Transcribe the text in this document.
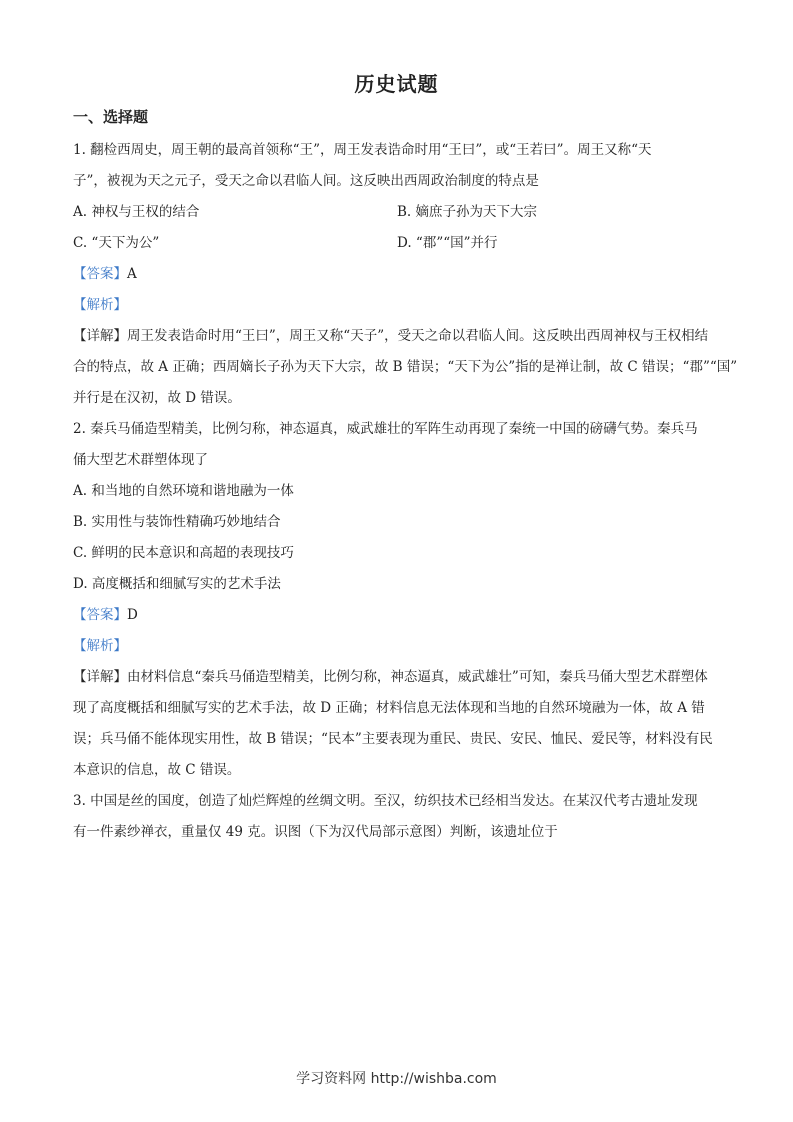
历史试题
一、选择题
1. 翻检西周史，周王朝的最高首领称“王”，周王发表诰命时用“王曰”，或“王若曰”。周王又称“天
子”，被视为天之元子，受天之命以君临人间。这反映出西周政治制度的特点是
A. 神权与王权的结合	B. 嫡庶子孙为天下大宗
C. “天下为公”	D. “郡”“国”并行
【答案】A
【解析】
【详解】周王发表诰命时用“王曰”，周王又称“天子”，受天之命以君临人间。这反映出西周神权与王权相结
合的特点，故 A 正确；西周嫡长子孙为天下大宗，故 B 错误；“天下为公”指的是禅让制，故 C 错误；“郡”“国”
并行是在汉初，故 D 错误。
2. 秦兵马俑造型精美，比例匀称，神态逼真，威武雄壮的军阵生动再现了秦统一中国的磅礴气势。秦兵马
俑大型艺术群塑体现了
A. 和当地的自然环境和谐地融为一体
B. 实用性与装饰性精确巧妙地结合
C. 鲜明的民本意识和高超的表现技巧
D. 高度概括和细腻写实的艺术手法
【答案】D
【解析】
【详解】由材料信息“秦兵马俑造型精美，比例匀称，神态逼真，威武雄壮”可知，秦兵马俑大型艺术群塑体
现了高度概括和细腻写实的艺术手法，故 D 正确；材料信息无法体现和当地的自然环境融为一体，故 A 错
误；兵马俑不能体现实用性，故 B 错误；“民本”主要表现为重民、贵民、安民、恤民、爱民等，材料没有民
本意识的信息，故 C 错误。
3. 中国是丝的国度，创造了灿烂辉煌的丝绸文明。至汉，纺织技术已经相当发达。在某汉代考古遗址发现
有一件素纱禅衣，重量仅 49 克。识图（下为汉代局部示意图）判断，该遗址位于
学习资料网 http://wishba.com
